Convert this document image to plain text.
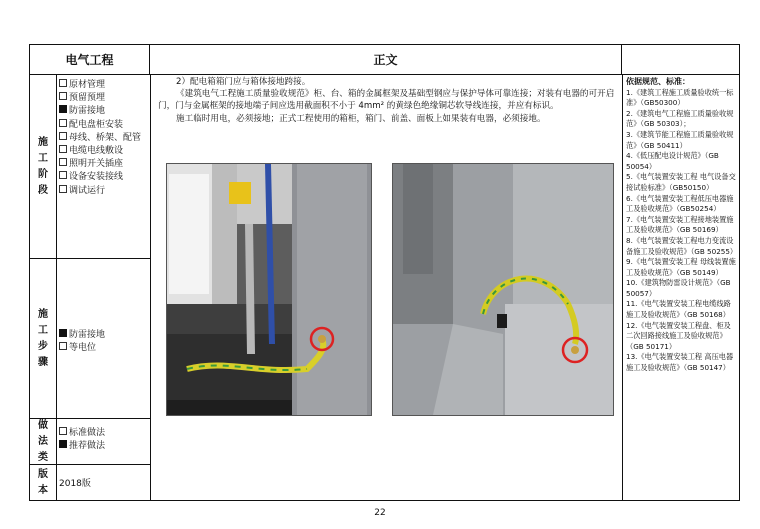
电气工程	正文
施
工
阶
段
原材管理
预留预埋
防雷接地
配电盘柜安装
母线、桥架、配管
电缆电线敷设
照明开关插座
设备安装接线
调试运行
施
工
步
骤
防雷接地
等电位
做
法
类
标准做法
推荐做法
版
本
2018版

2）配电箱箱门应与箱体接地跨接。

《建筑电气工程施工质量验收规范》柜、台、箱的金属框架及基础型钢应与保护导体可靠连接；对装有电器的可开启门，门与金属框架的接地端子间应选用截面积不小于 4mm² 的黄绿色绝缘铜芯软导线连接，并应有标识。

施工临时用电，必须接地；正式工程使用的箱柜，箱门、前盖、面板上如果装有电器，必须接地。

依据规范、标准：
1.《建筑工程施工质量验收统一标准》（GB50300）
2.《建筑电气工程施工质量验收规范》（GB 50303）；
3.《建筑节能工程施工质量验收规范》（GB 50411）
4.《低压配电设计规范》（GB 50054）
5.《电气装置安装工程 电气设备交接试验标准》（GB50150）
6.《电气装置安装工程低压电器施工及验收规范》（GB50254）
7.《电气装置安装工程接地装置施工及验收规范》（GB 50169）
8.《电气装置安装工程电力变流设备施工及验收规范》（GB 50255）
9.《电气装置安装工程 母线装置施工及验收规范》（GB 50149）
10.《建筑物防雷设计规范》（GB 50057）
11.《电气装置安装工程电缆线路施工及验收规范》（GB 50168）
12.《电气装置安装工程盘、柜及二次回路接线施工及验收规范》（GB 50171）
13.《电气装置安装工程 高压电器施工及验收规范》（GB 50147）
22
